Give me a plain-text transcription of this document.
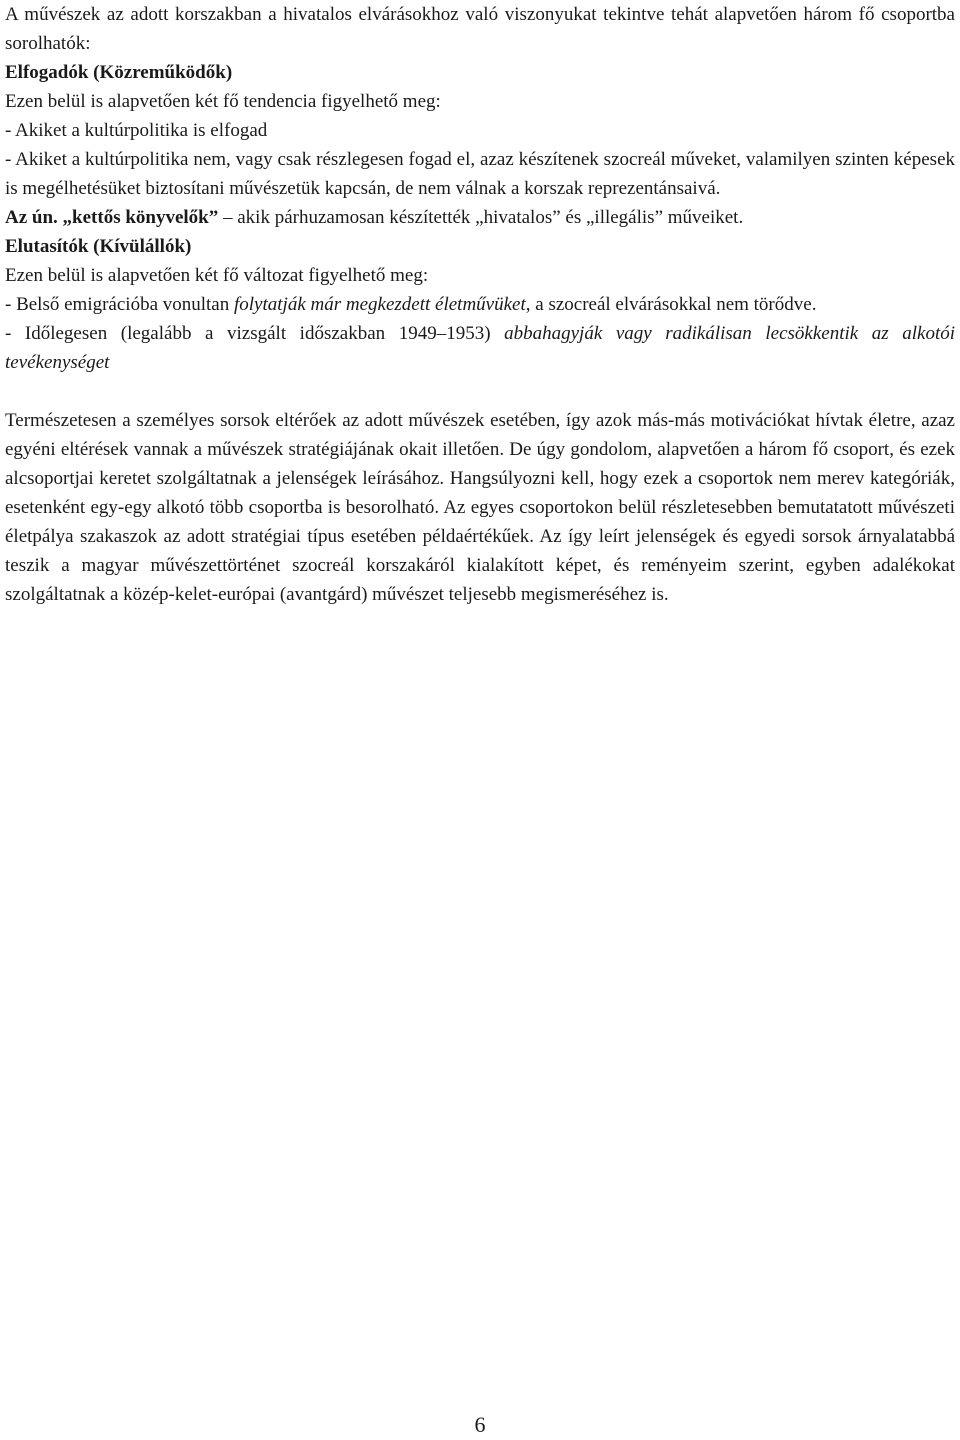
A művészek az adott korszakban a hivatalos elvárásokhoz való viszonyukat tekintve tehát alapvetően három fő csoportba sorolhatók:

Elfogadók (Közreműködők)

Ezen belül is alapvetően két fő tendencia figyelhető meg:

- Akiket a kultúrpolitika is elfogad

- Akiket a kultúrpolitika nem, vagy csak részlegesen fogad el, azaz készítenek szocreál műveket, valamilyen szinten képesek is megélhetésüket biztosítani művészetük kapcsán, de nem válnak a korszak reprezentánsaivá.

Az ún. „kettős könyvelők” – akik párhuzamosan készítették „hivatalos” és „illegális” műveiket.

Elutasítók (Kívülállók)

Ezen belül is alapvetően két fő változat figyelhető meg:

- Belső emigrációba vonultan folytatják már megkezdett életművüket, a szocreál elvárásokkal nem törődve.

- Időlegesen (legalább a vizsgált időszakban 1949–1953) abbahagyják vagy radikálisan lecsökkentik az alkotói tevékenységet

Természetesen a személyes sorsok eltérőek az adott művészek esetében, így azok más-más motivációkat hívtak életre, azaz egyéni eltérések vannak a művészek stratégiájának okait illetően. De úgy gondolom, alapvetően a három fő csoport, és ezek alcsoportjai keretet szolgáltatnak a jelenségek leírásához. Hangsúlyozni kell, hogy ezek a csoportok nem merev kategóriák, esetenként egy-egy alkotó több csoportba is besorolható. Az egyes csoportokon belül részletesebben bemutatatott művészeti életpálya szakaszok az adott stratégiai típus esetében példaértékűek. Az így leírt jelenségek és egyedi sorsok árnyalatabbá teszik a magyar művészettörténet szocreál korszakáról kialakított képet, és reményeim szerint, egyben adalékokat szolgáltatnak a közép-kelet-európai (avantgárd) művészet teljesebb megismeréséhez is.

6
